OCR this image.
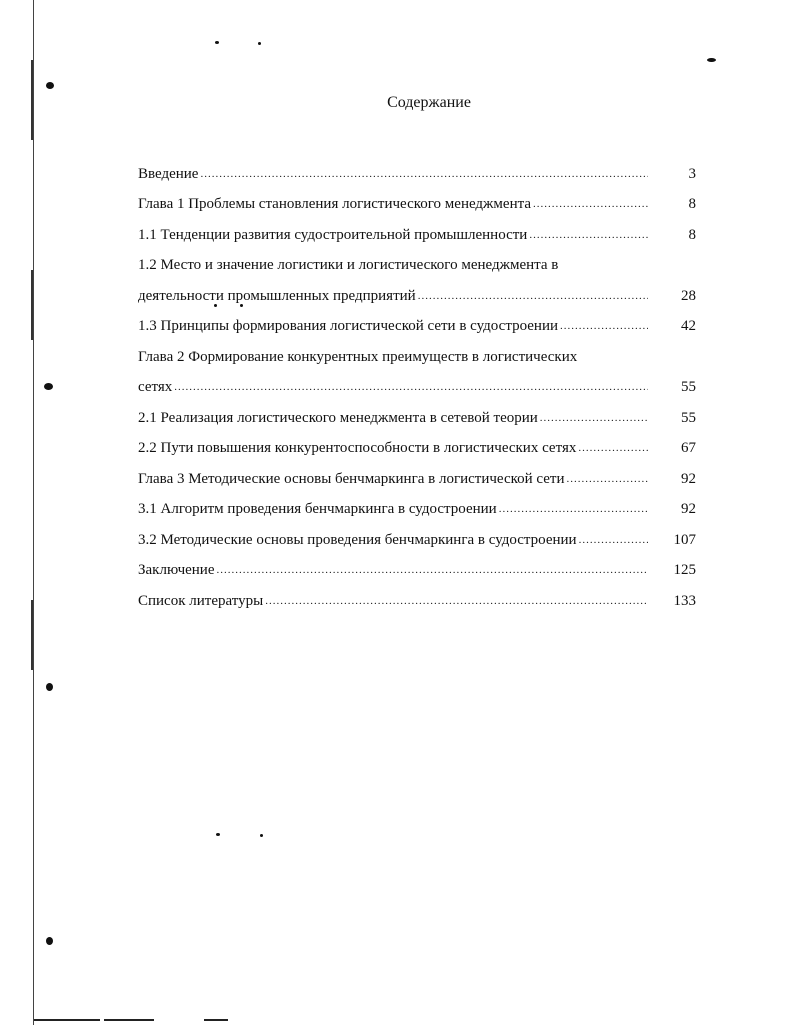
Содержание
Введение .....	3
Глава 1 Проблемы становления логистического менеджмента .....	8
1.1 Тенденции развития судостроительной промышленности .....	8
1.2 Место и значение логистики и логистического менеджмента в
деятельности промышленных предприятий .....	28
1.3 Принципы формирования логистической сети в судостроении .....	42
Глава 2 Формирование конкурентных преимуществ в логистических
сетях .....	55
2.1 Реализация логистического менеджмента в сетевой теории .....	55
2.2 Пути повышения конкурентоспособности в логистических сетях .....	67
Глава 3 Методические основы бенчмаркинга в логистической сети .....	92
3.1 Алгоритм проведения бенчмаркинга в судостроении .....	92
3.2 Методические основы проведения бенчмаркинга в судостроении .....	107
Заключение .....	125
Список литературы .....	133
